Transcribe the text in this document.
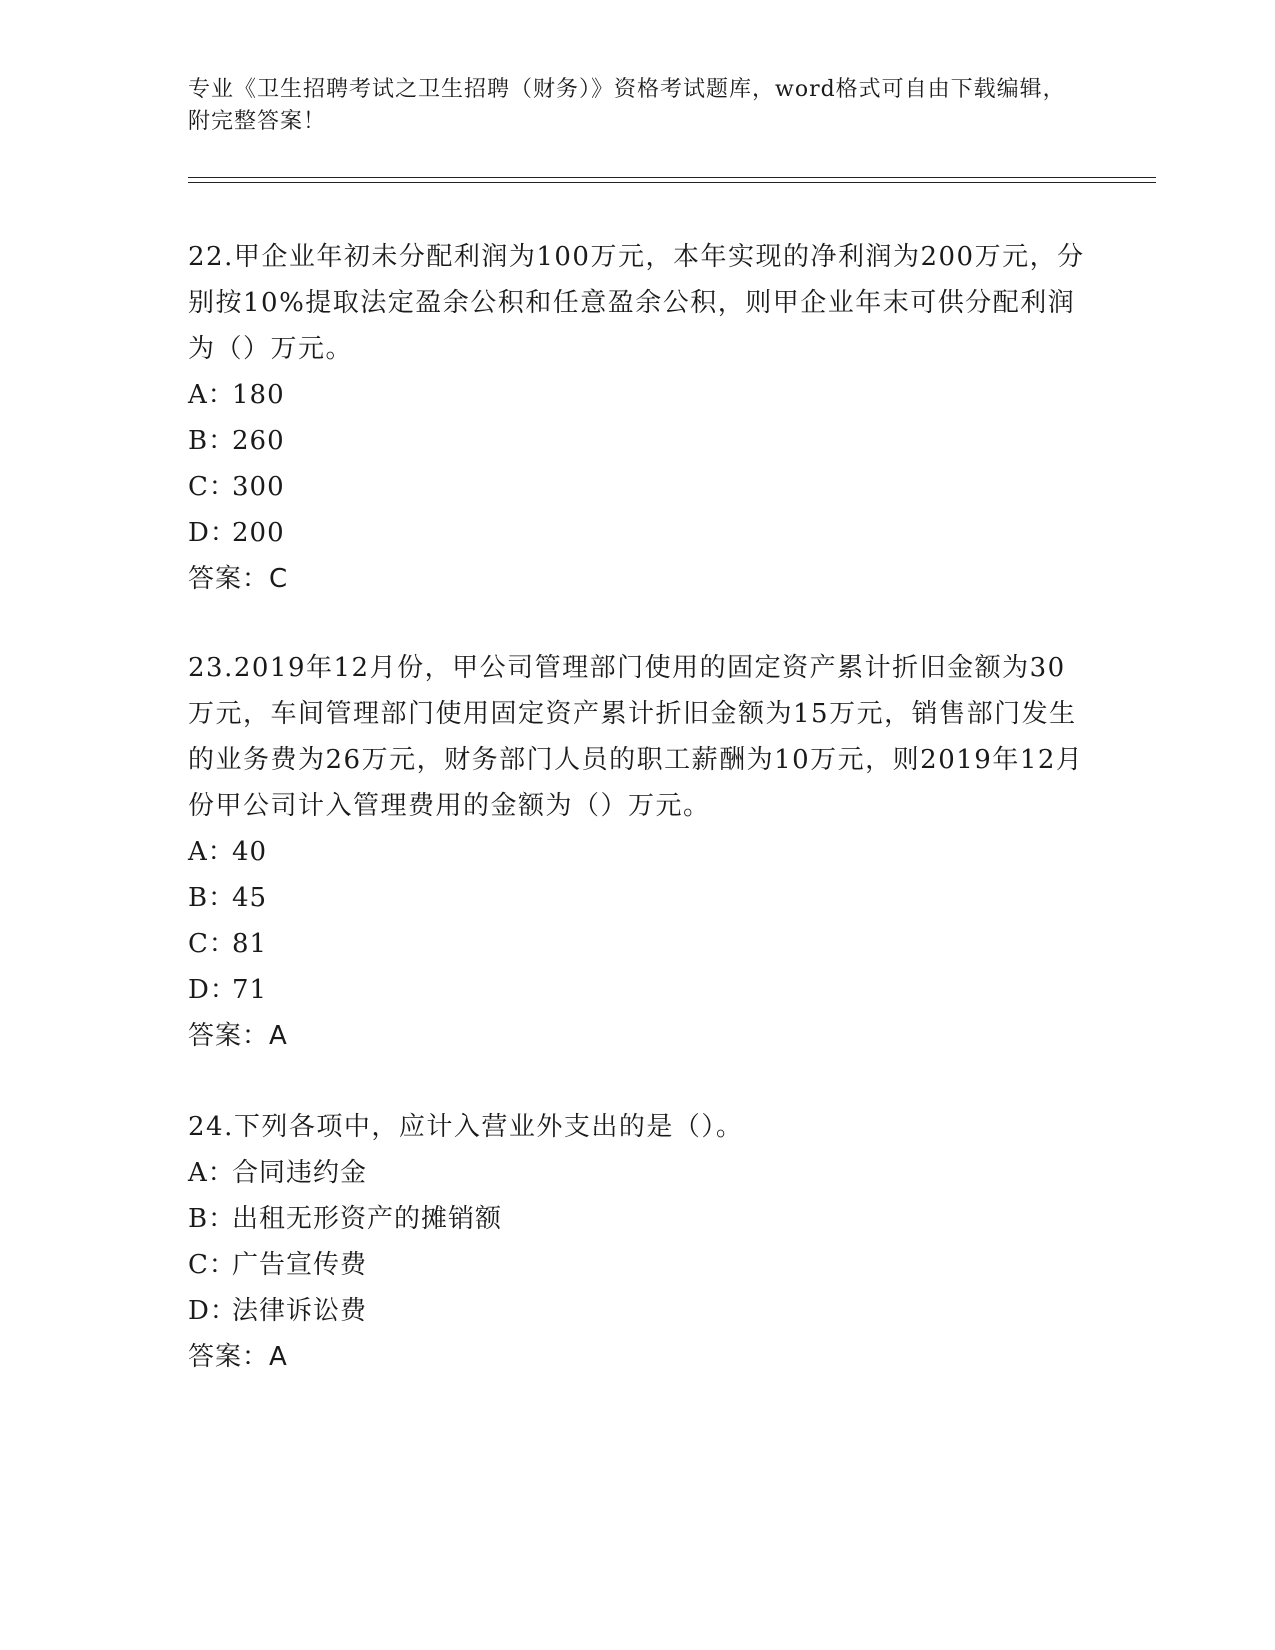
专业《卫生招聘考试之卫生招聘（财务）》资格考试题库，word格式可自由下载编辑，附完整答案！

22.甲企业年初未分配利润为100万元，本年实现的净利润为200万元，分别按10%提取法定盈余公积和任意盈余公积，则甲企业年末可供分配利润为（）万元。

A：180

B：260

C：300

D：200

答案：C

23.2019年12月份，甲公司管理部门使用的固定资产累计折旧金额为30万元，车间管理部门使用固定资产累计折旧金额为15万元，销售部门发生的业务费为26万元，财务部门人员的职工薪酬为10万元，则2019年12月份甲公司计入管理费用的金额为（）万元。

A：40

B：45

C：81

D：71

答案：A

24.下列各项中，应计入营业外支出的是（）。

A：合同违约金

B：出租无形资产的摊销额

C：广告宣传费

D：法律诉讼费

答案：A
